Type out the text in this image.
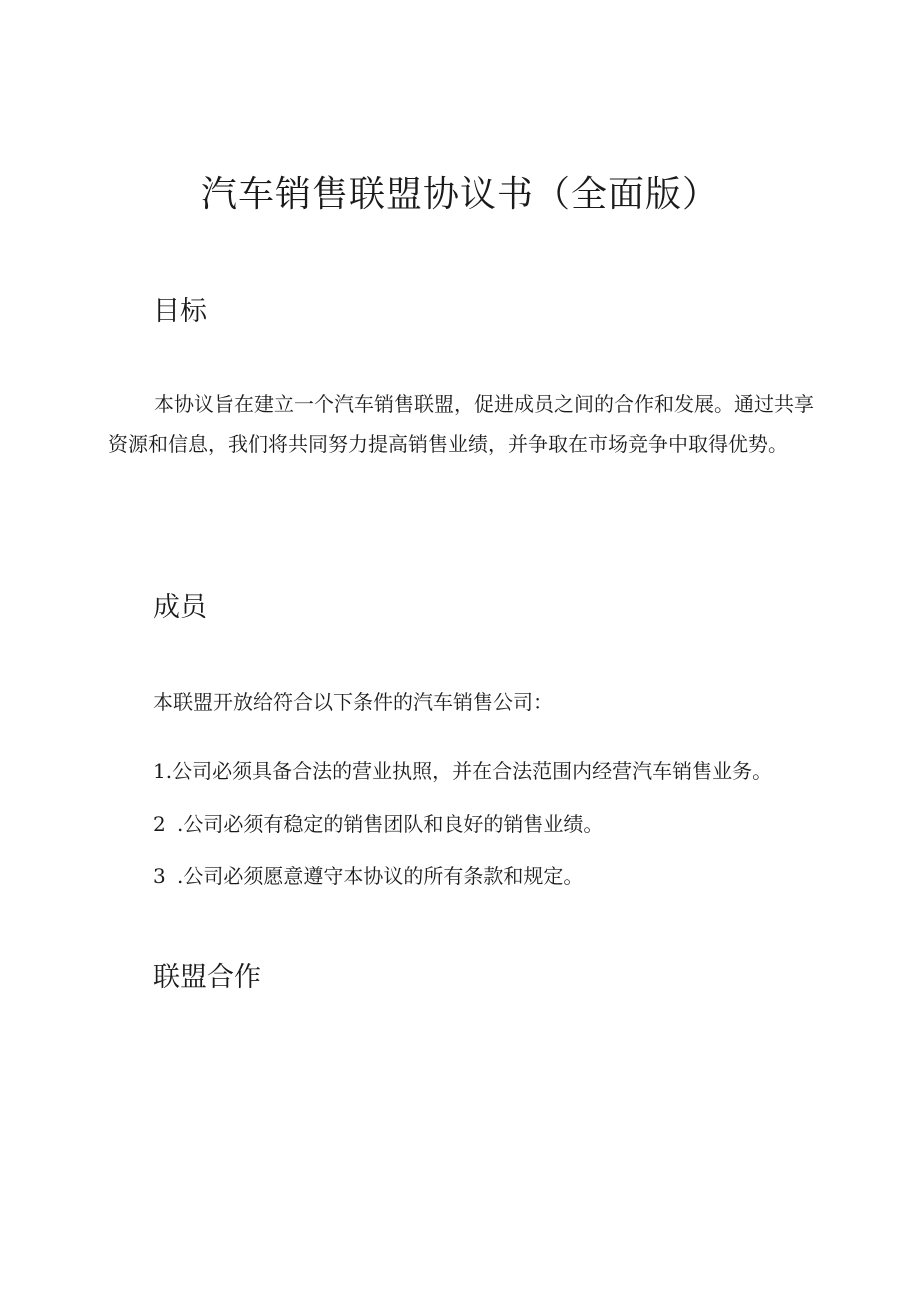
汽车销售联盟协议书（全面版）
目标

本协议旨在建立一个汽车销售联盟，促进成员之间的合作和发展。通过共享资源和信息，我们将共同努力提高销售业绩，并争取在市场竞争中取得优势。

成员

本联盟开放给符合以下条件的汽车销售公司：

1.公司必须具备合法的营业执照，并在合法范围内经营汽车销售业务。

2 .公司必须有稳定的销售团队和良好的销售业绩。

3 .公司必须愿意遵守本协议的所有条款和规定。

联盟合作
